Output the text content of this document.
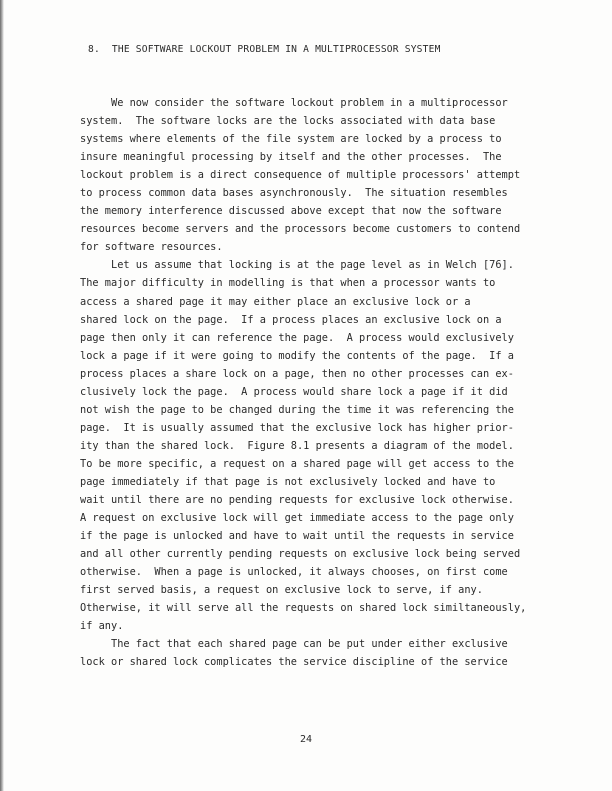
8.  THE SOFTWARE LOCKOUT PROBLEM IN A MULTIPROCESSOR SYSTEM
We now consider the software lockout problem in a multiprocessor
system.  The software locks are the locks associated with data base
systems where elements of the file system are locked by a process to
insure meaningful processing by itself and the other processes.  The
lockout problem is a direct consequence of multiple processors' attempt
to process common data bases asynchronously.  The situation resembles
the memory interference discussed above except that now the software
resources become servers and the processors become customers to contend
for software resources.
Let us assume that locking is at the page level as in Welch [76].
The major difficulty in modelling is that when a processor wants to
access a shared page it may either place an exclusive lock or a
shared lock on the page.  If a process places an exclusive lock on a
page then only it can reference the page.  A process would exclusively
lock a page if it were going to modify the contents of the page.  If a
process places a share lock on a page, then no other processes can ex-
clusively lock the page.  A process would share lock a page if it did
not wish the page to be changed during the time it was referencing the
page.  It is usually assumed that the exclusive lock has higher prior-
ity than the shared lock.  Figure 8.1 presents a diagram of the model.
To be more specific, a request on a shared page will get access to the
page immediately if that page is not exclusively locked and have to
wait until there are no pending requests for exclusive lock otherwise.
A request on exclusive lock will get immediate access to the page only
if the page is unlocked and have to wait until the requests in service
and all other currently pending requests on exclusive lock being served
otherwise.  When a page is unlocked, it always chooses, on first come
first served basis, a request on exclusive lock to serve, if any.
Otherwise, it will serve all the requests on shared lock similtaneously,
if any.
The fact that each shared page can be put under either exclusive
lock or shared lock complicates the service discipline of the service
24
